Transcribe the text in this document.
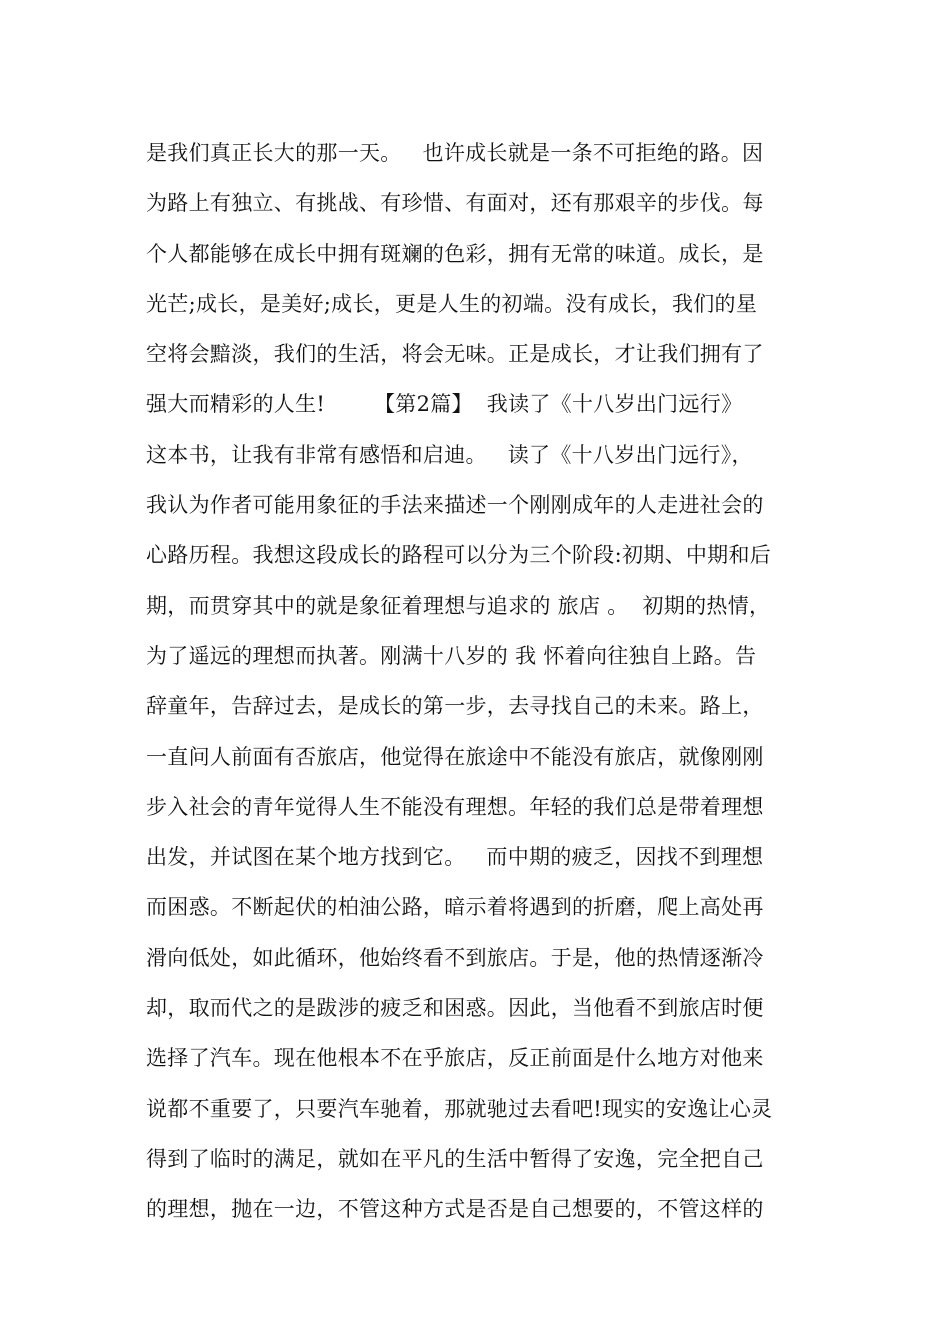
是我们真正长大的那一天。   也许成长就是一条不可拒绝的路。因
为路上有独立、有挑战、有珍惜、有面对，还有那艰辛的步伐。每
个人都能够在成长中拥有斑斓的色彩，拥有无常的味道。成长，是
光芒;成长，是美好;成长，更是人生的初端。没有成长，我们的星
空将会黯淡，我们的生活，将会无味。正是成长，才让我们拥有了
强大而精彩的人生!       【第2篇】  我读了《十八岁出门远行》
这本书，让我有非常有感悟和启迪。   读了《十八岁出门远行》，
我认为作者可能用象征的手法来描述一个刚刚成年的人走进社会的
心路历程。我想这段成长的路程可以分为三个阶段:初期、中期和后
期，而贯穿其中的就是象征着理想与追求的 旅店 。  初期的热情，
为了遥远的理想而执著。刚满十八岁的 我 怀着向往独自上路。告
辞童年，告辞过去，是成长的第一步，去寻找自己的未来。路上，
一直问人前面有否旅店，他觉得在旅途中不能没有旅店，就像刚刚
步入社会的青年觉得人生不能没有理想。年轻的我们总是带着理想
出发，并试图在某个地方找到它。   而中期的疲乏，因找不到理想
而困惑。不断起伏的柏油公路，暗示着将遇到的折磨，爬上高处再
滑向低处，如此循环，他始终看不到旅店。于是，他的热情逐渐冷
却，取而代之的是跋涉的疲乏和困惑。因此，当他看不到旅店时便
选择了汽车。现在他根本不在乎旅店，反正前面是什么地方对他来
说都不重要了，只要汽车驰着，那就驰过去看吧!现实的安逸让心灵
得到了临时的满足，就如在平凡的生活中暂得了安逸，完全把自己
的理想，抛在一边，不管这种方式是否是自己想要的，不管这样的
